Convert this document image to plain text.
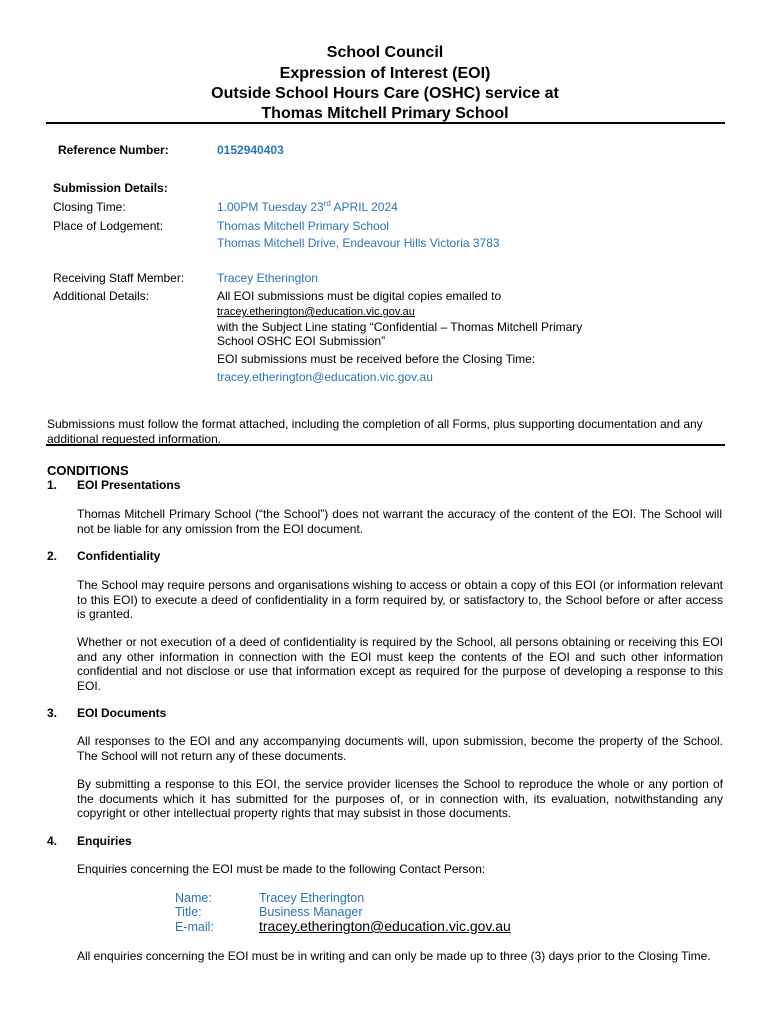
School Council
Expression of Interest (EOI)
Outside School Hours Care (OSHC) service at
Thomas Mitchell Primary School
Reference Number:	0152940403
Submission Details:
Closing Time:	1.00PM Tuesday 23rd APRIL 2024
Place of Lodgement:	Thomas Mitchell Primary School
Thomas Mitchell Drive, Endeavour Hills Victoria 3783
Receiving Staff Member:	Tracey Etherington
Additional Details:	All EOI submissions must be digital copies emailed to
tracey.etherington@education.vic.gov.au
with the Subject Line stating “Confidential – Thomas Mitchell Primary
School OSHC EOI Submission”
EOI submissions must be received before the Closing Time:
tracey.etherington@education.vic.gov.au
Submissions must follow the format attached, including the completion of all Forms, plus supporting documentation and any additional requested information.
CONDITIONS
1. EOI Presentations
Thomas Mitchell Primary School (“the School”) does not warrant the accuracy of the content of the EOI. The School will not be liable for any omission from the EOI document.
2. Confidentiality
The School may require persons and organisations wishing to access or obtain a copy of this EOI (or information relevant to this EOI) to execute a deed of confidentiality in a form required by, or satisfactory to, the School before or after access is granted.
Whether or not execution of a deed of confidentiality is required by the School, all persons obtaining or receiving this EOI and any other information in connection with the EOI must keep the contents of the EOI and such other information confidential and not disclose or use that information except as required for the purpose of developing a response to this EOI.
3. EOI Documents
All responses to the EOI and any accompanying documents will, upon submission, become the property of the School. The School will not return any of these documents.
By submitting a response to this EOI, the service provider licenses the School to reproduce the whole or any portion of the documents which it has submitted for the purposes of, or in connection with, its evaluation, notwithstanding any copyright or other intellectual property rights that may subsist in those documents.
4. Enquiries
Enquiries concerning the EOI must be made to the following Contact Person:
Name:	Tracey Etherington
Title:	Business Manager
E-mail:	tracey.etherington@education.vic.gov.au
All enquiries concerning the EOI must be in writing and can only be made up to three (3) days prior to the Closing Time.
